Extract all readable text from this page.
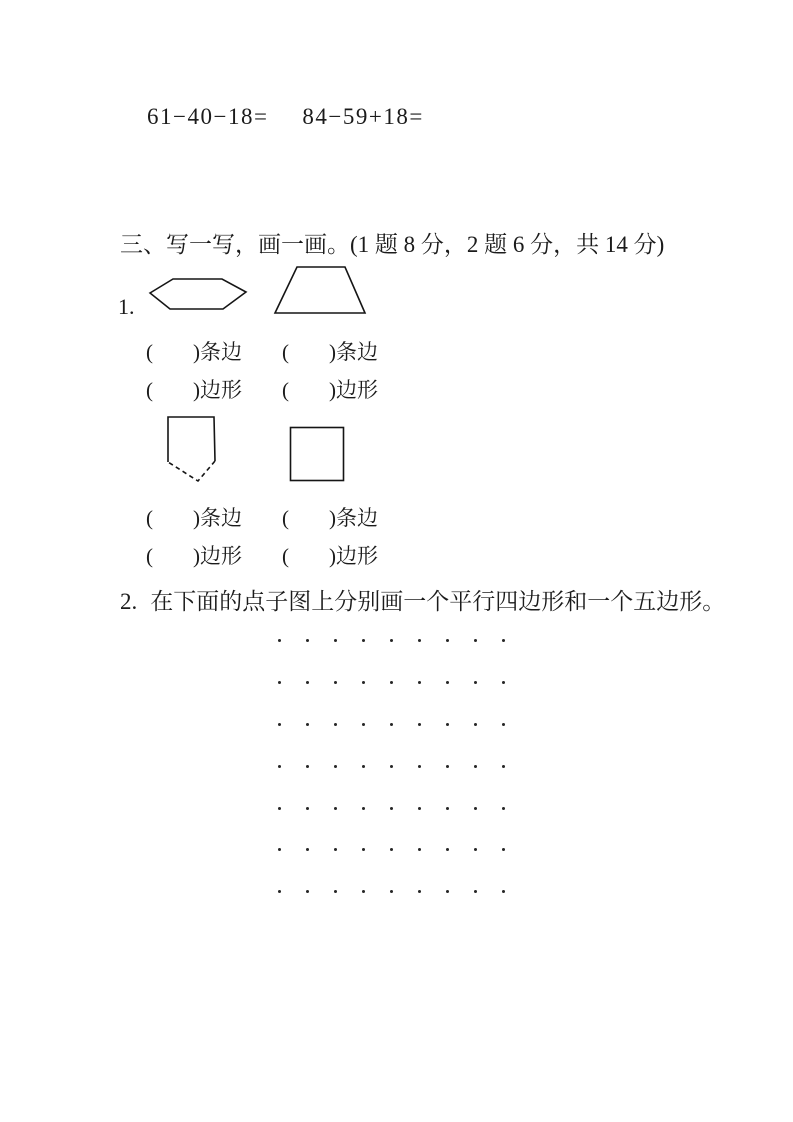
61−40−18= 84−59+18=
三、写一写，画一画。(1 题 8 分，2 题 6 分，共 14 分)
1.
( )条边 ( )条边
( )边形 ( )边形
( )条边 ( )条边
( )边形 ( )边形
2. 在下面的点子图上分别画一个平行四边形和一个五边形。
